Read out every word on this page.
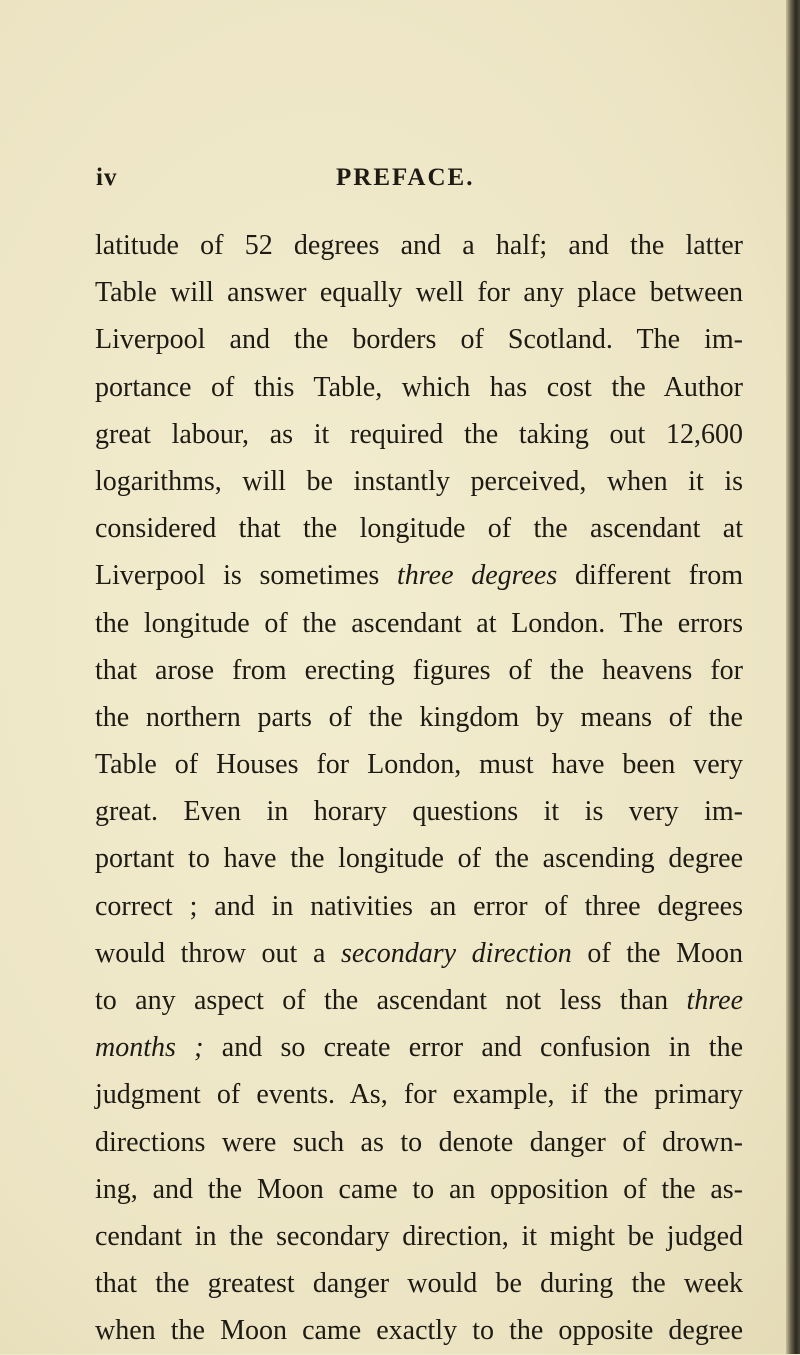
iv	PREFACE.
latitude of 52 degrees and a half; and the latter
Table will answer equally well for any place between
Liverpool and the borders of Scotland. The im-
portance of this Table, which has cost the Author
great labour, as it required the taking out 12,600
logarithms, will be instantly perceived, when it is
considered that the longitude of the ascendant at
Liverpool is sometimes three degrees different from
the longitude of the ascendant at London. The errors
that arose from erecting figures of the heavens for
the northern parts of the kingdom by means of the
Table of Houses for London, must have been very
great. Even in horary questions it is very im-
portant to have the longitude of the ascending degree
correct ; and in nativities an error of three degrees
would throw out a secondary direction of the Moon
to any aspect of the ascendant not less than three
months ; and so create error and confusion in the
judgment of events. As, for example, if the primary
directions were such as to denote danger of drown-
ing, and the Moon came to an opposition of the as-
cendant in the secondary direction, it might be judged
that the greatest danger would be during the week
when the Moon came exactly to the opposite degree
